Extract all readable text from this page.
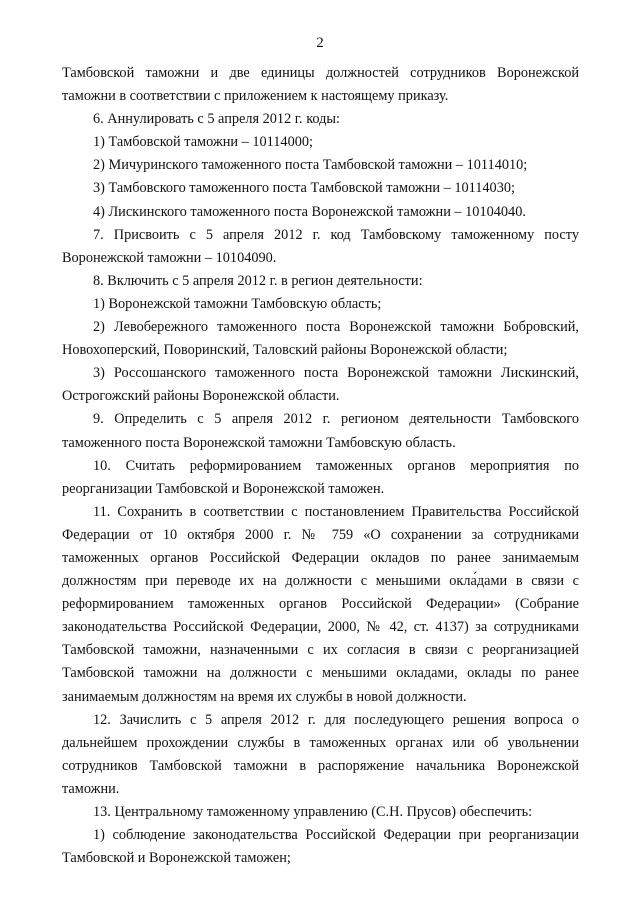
2

Тамбовской таможни и две единицы должностей сотрудников Воронежской таможни в соответствии с приложением к настоящему приказу.

6. Аннулировать с 5 апреля 2012 г. коды:

1) Тамбовской таможни – 10114000;

2) Мичуринского таможенного поста Тамбовской таможни – 10114010;

3) Тамбовского таможенного поста Тамбовской таможни – 10114030;

4) Лискинского таможенного поста Воронежской таможни – 10104040.

7. Присвоить с 5 апреля 2012 г. код Тамбовскому таможенному посту Воронежской таможни – 10104090.

8. Включить с 5 апреля 2012 г. в регион деятельности:

1) Воронежской таможни Тамбовскую область;

2) Левобережного таможенного поста Воронежской таможни Бобровский, Новохоперский, Поворинский, Таловский районы Воронежской области;

3) Россошанского таможенного поста Воронежской таможни Лискинский, Острогожский районы Воронежской области.

9. Определить с 5 апреля 2012 г. регионом деятельности Тамбовского таможенного поста Воронежской таможни Тамбовскую область.

10. Считать реформированием таможенных органов мероприятия по реорганизации Тамбовской и Воронежской таможен.

11. Сохранить в соответствии с постановлением Правительства Российской Федерации от 10 октября 2000 г. № 759 «О сохранении за сотрудниками таможенных органов Российской Федерации окладов по ранее занимаемым должностям при переводе их на должности с меньшими окла́дами в связи с реформированием таможенных органов Российской Федерации» (Собрание законодательства Российской Федерации, 2000, № 42, ст. 4137) за сотрудниками Тамбовской таможни, назначенными с их согласия в связи с реорганизацией Тамбовской таможни на должности с меньшими окладами, оклады по ранее занимаемым должностям на время их службы в новой должности.

12. Зачислить с 5 апреля 2012 г. для последующего решения вопроса о дальнейшем прохождении службы в таможенных органах или об увольнении сотрудников Тамбовской таможни в распоряжение начальника Воронежской таможни.

13. Центральному таможенному управлению (С.Н. Прусов) обеспечить:

1) соблюдение законодательства Российской Федерации при реорганизации Тамбовской и Воронежской таможен;
